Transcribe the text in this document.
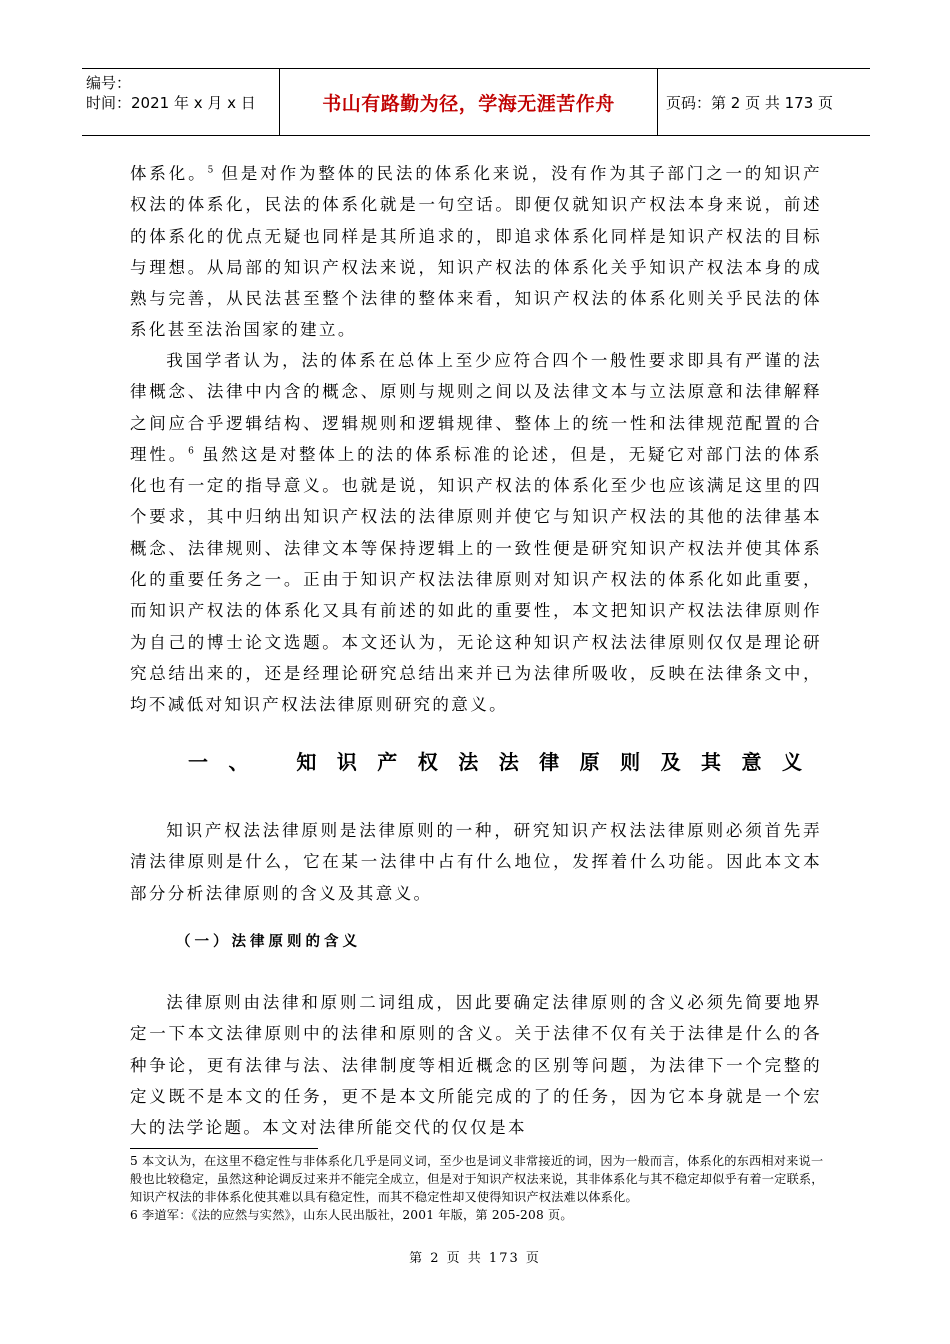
编号：
时间：2021 年 x 月 x 日	书山有路勤为径，学海无涯苦作舟	页码：第 2 页 共 173 页

体系化。$^5$ 但是对作为整体的民法的体系化来说，没有作为其子部门之一的知识产权法的体系化，民法的体系化就是一句空话。即便仅就知识产权法本身来说，前述的体系化的优点无疑也同样是其所追求的，即追求体系化同样是知识产权法的目标与理想。从局部的知识产权法来说，知识产权法的体系化关乎知识产权法本身的成熟与完善，从民法甚至整个法律的整体来看，知识产权法的体系化则关乎民法的体系化甚至法治国家的建立。

我国学者认为，法的体系在总体上至少应符合四个一般性要求即具有严谨的法律概念、法律中内含的概念、原则与规则之间以及法律文本与立法原意和法律解释之间应合乎逻辑结构、逻辑规则和逻辑规律、整体上的统一性和法律规范配置的合理性。$^6$ 虽然这是对整体上的法的体系标准的论述，但是，无疑它对部门法的体系化也有一定的指导意义。也就是说，知识产权法的体系化至少也应该满足这里的四个要求，其中归纳出知识产权法的法律原则并使它与知识产权法的其他的法律基本概念、法律规则、法律文本等保持逻辑上的一致性便是研究知识产权法并使其体系化的重要任务之一。正由于知识产权法法律原则对知识产权法的体系化如此重要，而知识产权法的体系化又具有前述的如此的重要性，本文把知识产权法法律原则作为自己的博士论文选题。本文还认为，无论这种知识产权法法律原则仅仅是理论研究总结出来的，还是经理论研究总结出来并已为法律所吸收，反映在法律条文中，均不减低对知识产权法法律原则研究的意义。

一、 知识产权法法律原则及其意义

知识产权法法律原则是法律原则的一种，研究知识产权法法律原则必须首先弄清法律原则是什么，它在某一法律中占有什么地位，发挥着什么功能。因此本文本部分分析法律原则的含义及其意义。

（一）法律原则的含义

法律原则由法律和原则二词组成，因此要确定法律原则的含义必须先简要地界定一下本文法律原则中的法律和原则的含义。关于法律不仅有关于法律是什么的各种争论，更有法律与法、法律制度等相近概念的区别等问题，为法律下一个完整的定义既不是本文的任务，更不是本文所能完成的了的任务，因为它本身就是一个宏大的法学论题。本文对法律所能交代的仅仅是本

5 本文认为，在这里不稳定性与非体系化几乎是同义词，至少也是词义非常接近的词，因为一般而言，体系化的东西相对来说一般也比较稳定，虽然这种论调反过来并不能完全成立，但是对于知识产权法来说，其非体系化与其不稳定却似乎有着一定联系，知识产权法的非体系化使其难以具有稳定性，而其不稳定性却又使得知识产权法难以体系化。

6 李道军：《法的应然与实然》，山东人民出版社，2001 年版，第 205-208 页。

第 2 页 共 173 页
